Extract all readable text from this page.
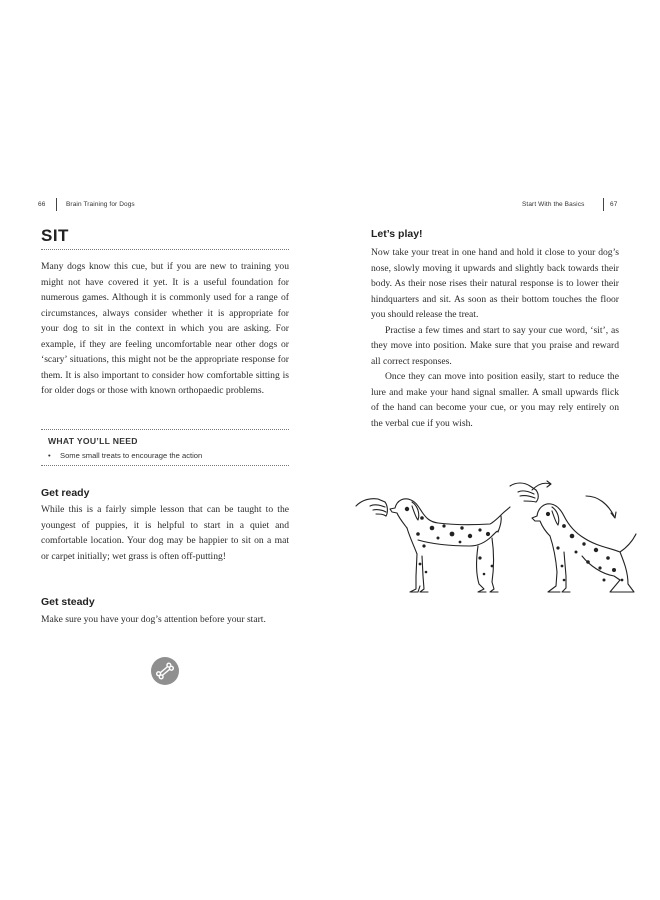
66	Brain Training for Dogs
SIT
Many dogs know this cue, but if you are new to training you might not have covered it yet. It is a useful foundation for numerous games. Although it is commonly used for a range of circumstances, always consider whether it is appropriate for your dog to sit in the context in which you are asking. For example, if they are feeling uncomfortable near other dogs or ‘scary’ situations, this might not be the appropriate response for them. It is also important to consider how comfortable sitting is for older dogs or those with known orthopaedic problems.
WHAT YOU’LL NEED
• Some small treats to encourage the action
Get ready
While this is a fairly simple lesson that can be taught to the youngest of puppies, it is helpful to start in a quiet and comfortable location. Your dog may be happier to sit on a mat or carpet initially; wet grass is often off-putting!
Get steady
Make sure you have your dog’s attention before your start.
Start With the Basics	67
Let’s play!

Now take your treat in one hand and hold it close to your dog’s nose, slowly moving it upwards and slightly back towards their body. As their nose rises their natural response is to lower their hindquarters and sit. As soon as their bottom touches the floor you should release the treat.

Practise a few times and start to say your cue word, ‘sit’, as they move into position. Make sure that you praise and reward all correct responses.

Once they can move into position easily, start to reduce the lure and make your hand signal smaller. A small upwards flick of the hand can become your cue, or you may rely entirely on the verbal cue if you wish.
